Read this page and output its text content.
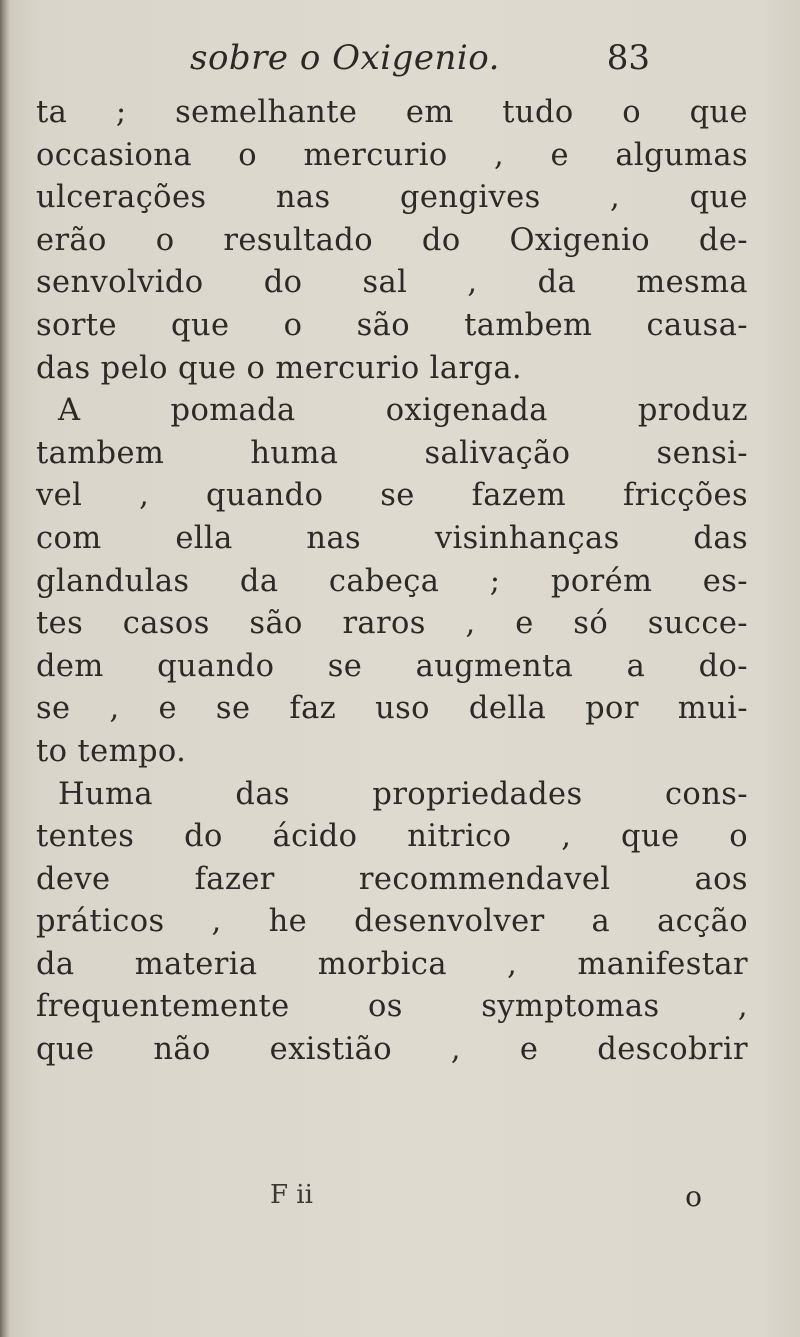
sobre o Oxigenio.	83
ta ; semelhante em tudo o que
occasiona o mercurio , e algumas
ulcerações nas gengives , que
erão o resultado do Oxigenio de-
senvolvido do sal , da mesma
sorte que o são tambem causa-
das pelo que o mercurio larga.
A pomada oxigenada produz
tambem huma salivação sensi-
vel , quando se fazem fricções
com ella nas visinhanças das
glandulas da cabeça ; porém es-
tes casos são raros , e só succe-
dem quando se augmenta a do-
se , e se faz uso della por mui-
to tempo.
Huma das propriedades cons-
tentes do ácido nitrico , que o
deve fazer recommendavel aos
práticos , he desenvolver a acção
da materia morbica , manifestar
frequentemente os symptomas ,
que não existião , e descobrir
F ii	o
